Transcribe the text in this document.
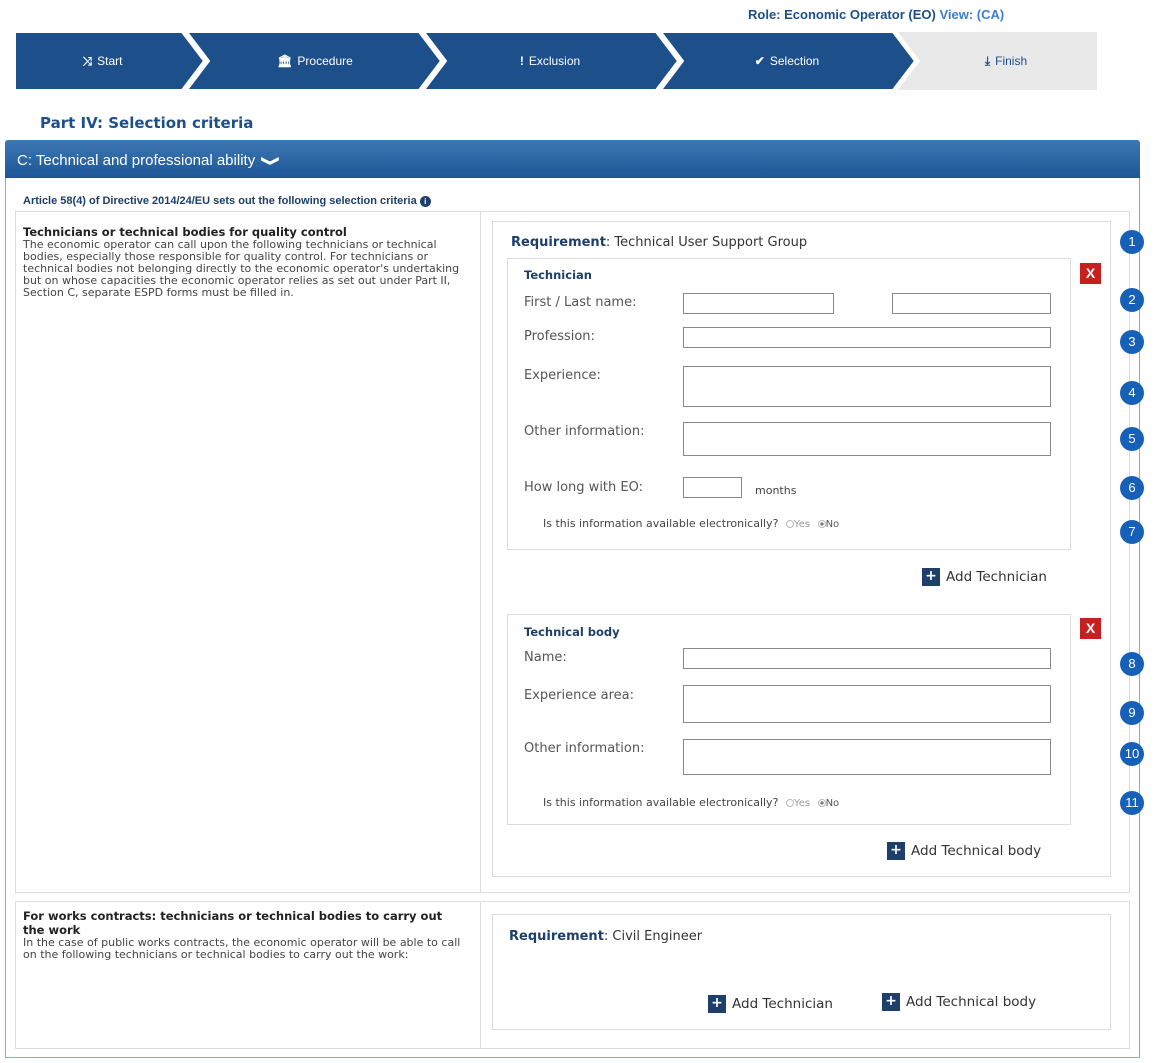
Role: Economic Operator (EO) View: (CA)
⤨ Start	🏛 Procedure	! Exclusion	✔ Selection	⤓ Finish
Part IV: Selection criteria
C: Technical and professional ability ❯
Article 58(4) of Directive 2014/24/EU sets out the following selection criteria i
Technicians or technical bodies for quality control
The economic operator can call upon the following technicians or technical bodies, especially those responsible for quality control. For technicians or technical bodies not belonging directly to the economic operator's undertaking but on whose capacities the economic operator relies as set out under Part II, Section C, separate ESPD forms must be filled in.
Requirement: Technical User Support Group
Technician	X
First / Last name:
Profession:
Experience:
Other information:
How long with EO:	months
Is this information available electronically? Yes No
+ Add Technician
Technical body	X
Name:
Experience area:
Other information:
Is this information available electronically? Yes No
+ Add Technical body
For works contracts: technicians or technical bodies to carry out the work
In the case of public works contracts, the economic operator will be able to call on the following technicians or technical bodies to carry out the work:
Requirement: Civil Engineer
+ Add Technician	+ Add Technical body
1
2
3
4
5
6
7
8
9
10
11
